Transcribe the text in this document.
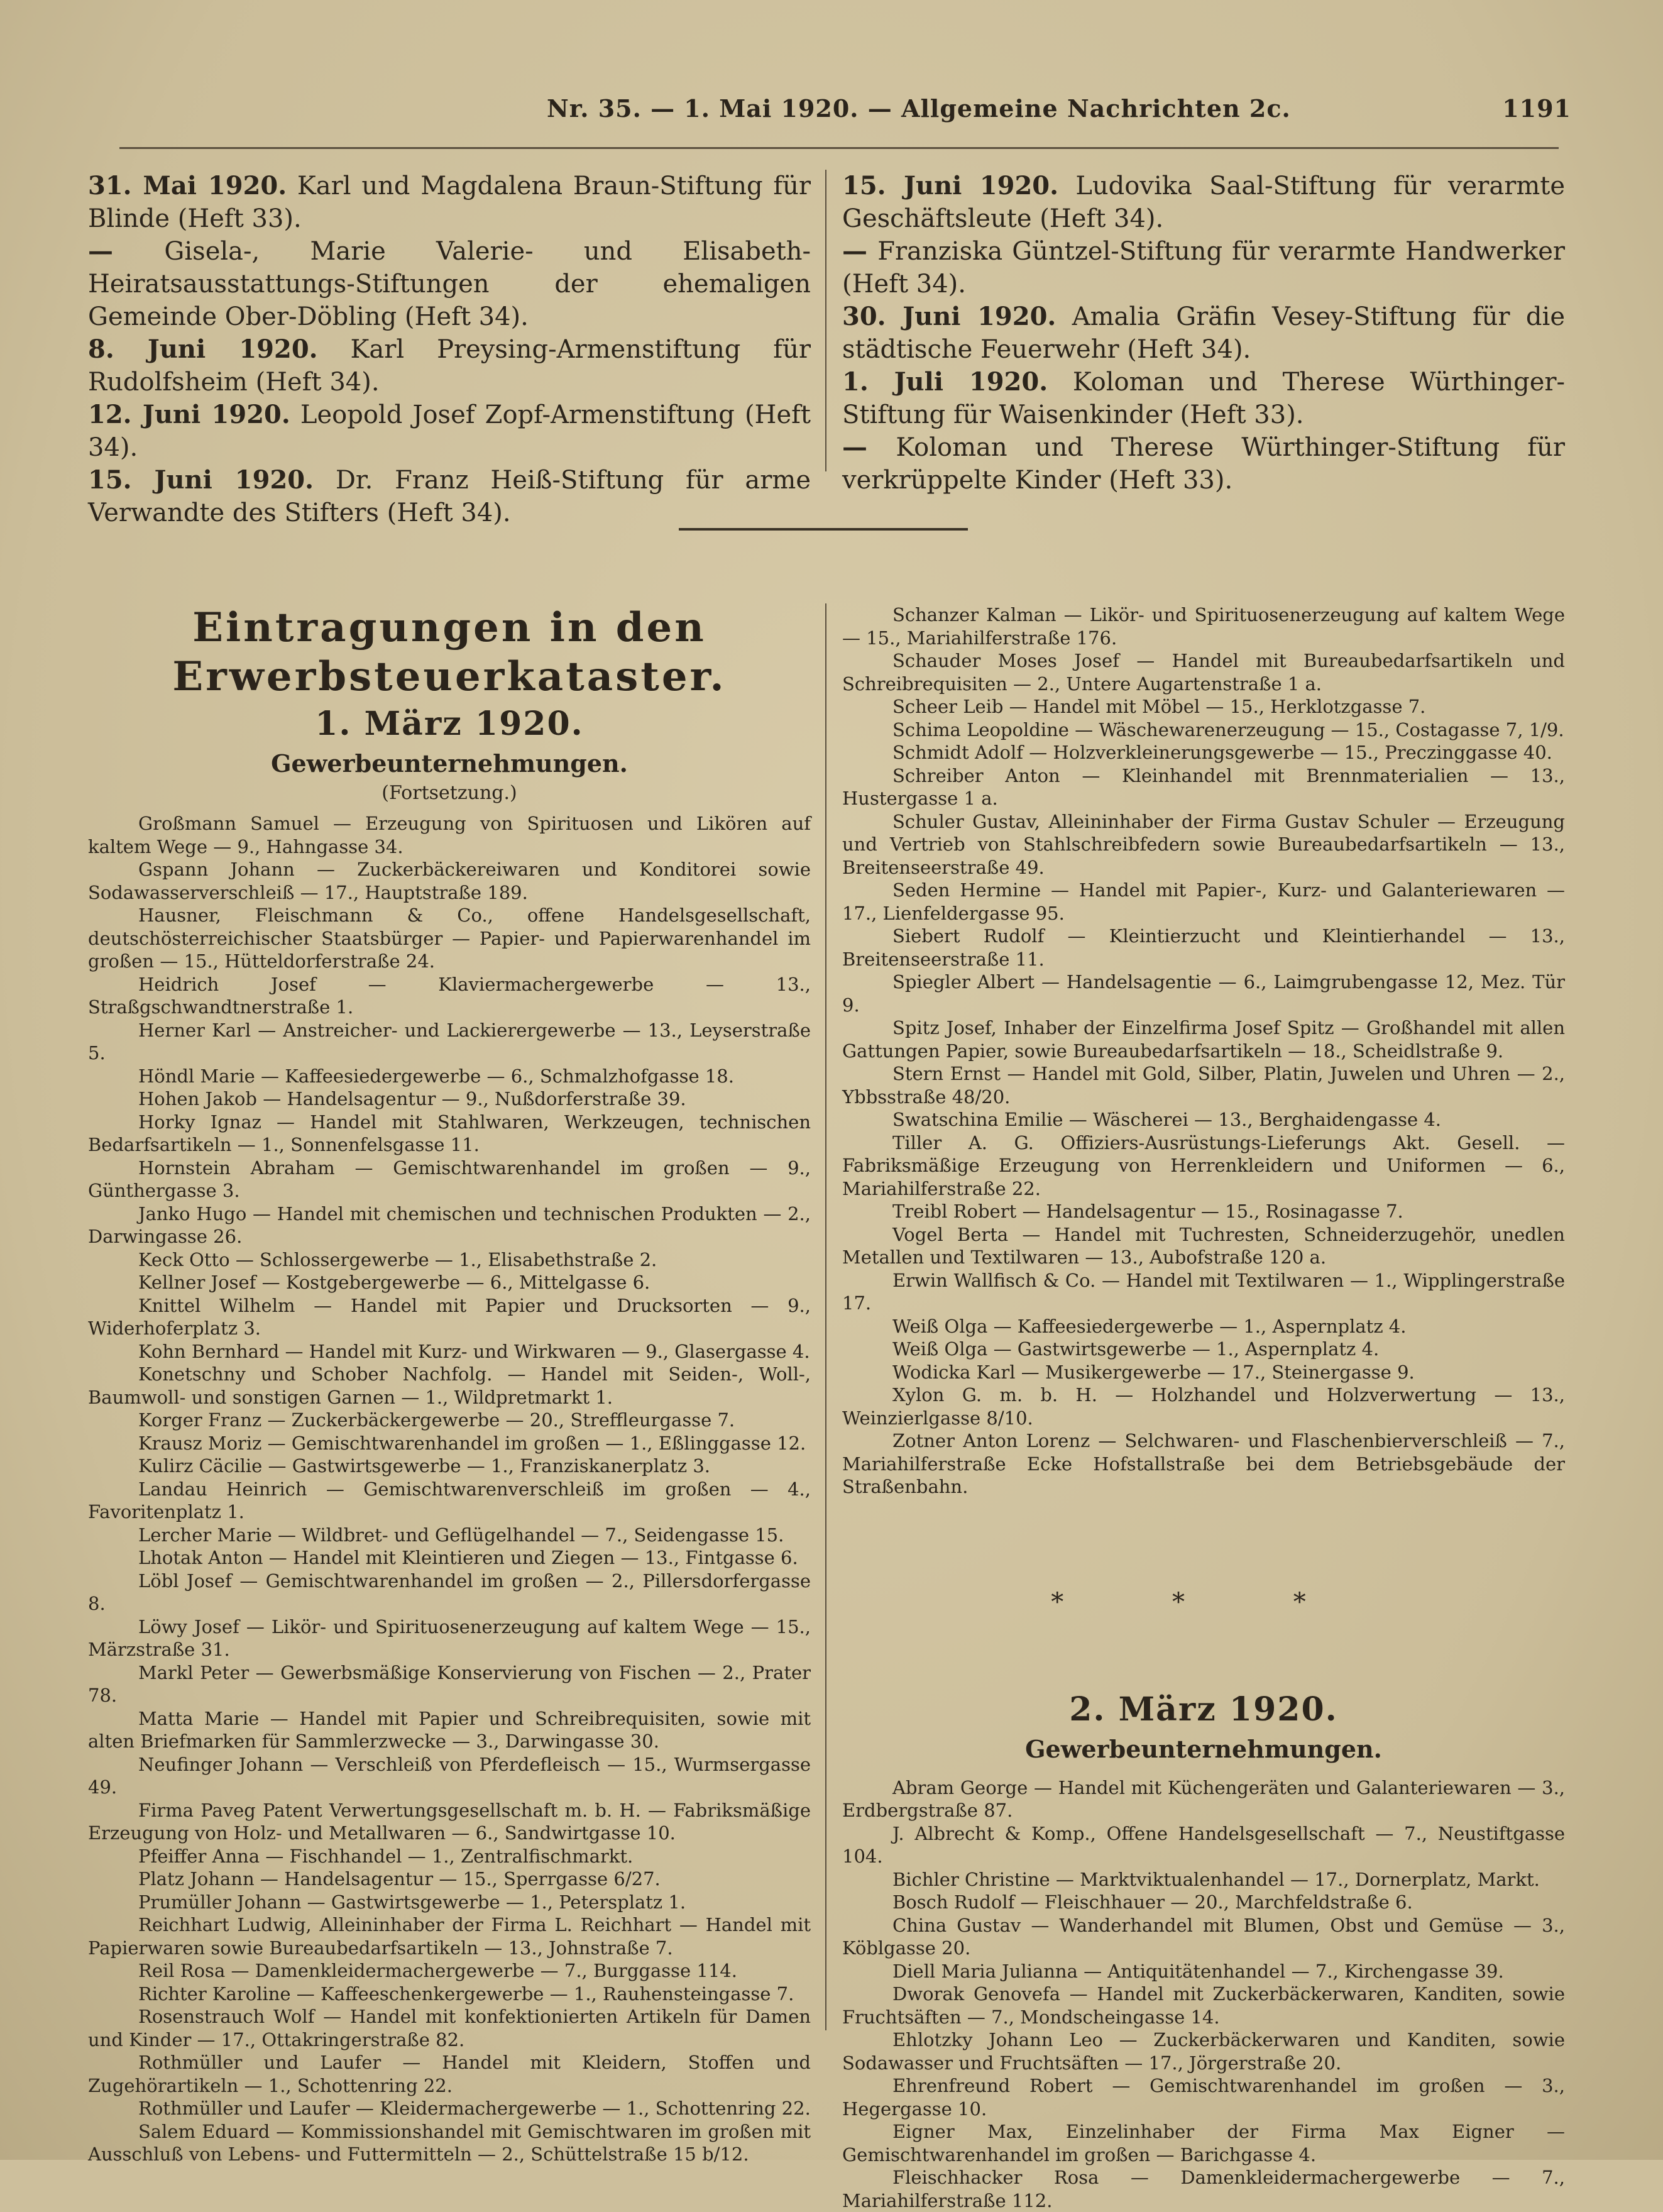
Nr. 35. — 1. Mai 1920. — Allgemeine Nachrichten 2c.	1191

31. Mai 1920. Karl und Magdalena Braun-Stiftung für Blinde (Heft 33).

— Gisela-, Marie Valerie- und Elisabeth-Heiratsausstattungs-Stiftungen der ehemaligen Gemeinde Ober-Döbling (Heft 34).

8. Juni 1920. Karl Preysing-Armenstiftung für Rudolfsheim (Heft 34).

12. Juni 1920. Leopold Josef Zopf-Armenstiftung (Heft 34).

15. Juni 1920. Dr. Franz Heiß-Stiftung für arme Verwandte des Stifters (Heft 34).

15. Juni 1920. Ludovika Saal-Stiftung für verarmte Geschäftsleute (Heft 34).

— Franziska Güntzel-Stiftung für verarmte Handwerker (Heft 34).

30. Juni 1920. Amalia Gräfin Vesey-Stiftung für die städtische Feuerwehr (Heft 34).

1. Juli 1920. Koloman und Therese Würthinger-Stiftung für Waisenkinder (Heft 33).

— Koloman und Therese Würthinger-Stiftung für verkrüppelte Kinder (Heft 33).

Eintragungen in den Erwerbsteuerkataster.
1. März 1920.
Gewerbeunternehmungen.

(Fortsetzung.)

Großmann Samuel — Erzeugung von Spirituosen und Likören auf kaltem Wege — 9., Hahngasse 34.

Gspann Johann — Zuckerbäckereiwaren und Konditorei sowie Sodawasserverschleiß — 17., Hauptstraße 189.

Hausner, Fleischmann & Co., offene Handelsgesellschaft, deutschösterreichischer Staatsbürger — Papier- und Papierwarenhandel im großen — 15., Hütteldorferstraße 24.

Heidrich Josef — Klaviermachergewerbe — 13., Straßgschwandtnerstraße 1.

Herner Karl — Anstreicher- und Lackierergewerbe — 13., Leyserstraße 5.

Höndl Marie — Kaffeesiedergewerbe — 6., Schmalzhofgasse 18.

Hohen Jakob — Handelsagentur — 9., Nußdorferstraße 39.

Horky Ignaz — Handel mit Stahlwaren, Werkzeugen, technischen Bedarfsartikeln — 1., Sonnenfelsgasse 11.

Hornstein Abraham — Gemischtwarenhandel im großen — 9., Günthergasse 3.

Janko Hugo — Handel mit chemischen und technischen Produkten — 2., Darwingasse 26.

Keck Otto — Schlossergewerbe — 1., Elisabethstraße 2.

Kellner Josef — Kostgebergewerbe — 6., Mittelgasse 6.

Knittel Wilhelm — Handel mit Papier und Drucksorten — 9., Widerhoferplatz 3.

Kohn Bernhard — Handel mit Kurz- und Wirkwaren — 9., Glasergasse 4.

Konetschny und Schober Nachfolg. — Handel mit Seiden-, Woll-, Baumwoll- und sonstigen Garnen — 1., Wildpretmarkt 1.

Korger Franz — Zuckerbäckergewerbe — 20., Streffleurgasse 7.

Krausz Moriz — Gemischtwarenhandel im großen — 1., Eßlinggasse 12.

Kulirz Cäcilie — Gastwirtsgewerbe — 1., Franziskanerplatz 3.

Landau Heinrich — Gemischtwarenverschleiß im großen — 4., Favoritenplatz 1.

Lercher Marie — Wildbret- und Geflügelhandel — 7., Seidengasse 15.

Lhotak Anton — Handel mit Kleintieren und Ziegen — 13., Fintgasse 6.

Löbl Josef — Gemischtwarenhandel im großen — 2., Pillersdorfergasse 8.

Löwy Josef — Likör- und Spirituosenerzeugung auf kaltem Wege — 15., Märzstraße 31.

Markl Peter — Gewerbsmäßige Konservierung von Fischen — 2., Prater 78.

Matta Marie — Handel mit Papier und Schreibrequisiten, sowie mit alten Briefmarken für Sammlerzwecke — 3., Darwingasse 30.

Neufinger Johann — Verschleiß von Pferdefleisch — 15., Wurmsergasse 49.

Firma Paveg Patent Verwertungsgesellschaft m. b. H. — Fabriksmäßige Erzeugung von Holz- und Metallwaren — 6., Sandwirtgasse 10.

Pfeiffer Anna — Fischhandel — 1., Zentralfischmarkt.

Platz Johann — Handelsagentur — 15., Sperrgasse 6/27.

Prumüller Johann — Gastwirtsgewerbe — 1., Petersplatz 1.

Reichhart Ludwig, Alleininhaber der Firma L. Reichhart — Handel mit Papierwaren sowie Bureaubedarfsartikeln — 13., Johnstraße 7.

Reil Rosa — Damenkleidermachergewerbe — 7., Burggasse 114.

Richter Karoline — Kaffeeschenkergewerbe — 1., Rauhensteingasse 7.

Rosenstrauch Wolf — Handel mit konfektionierten Artikeln für Damen und Kinder — 17., Ottakringerstraße 82.

Rothmüller und Laufer — Handel mit Kleidern, Stoffen und Zugehörartikeln — 1., Schottenring 22.

Rothmüller und Laufer — Kleidermachergewerbe — 1., Schottenring 22.

Salem Eduard — Kommissionshandel mit Gemischtwaren im großen mit Ausschluß von Lebens- und Futtermitteln — 2., Schüttelstraße 15 b/12.

Schanzer Kalman — Likör- und Spirituosenerzeugung auf kaltem Wege — 15., Mariahilferstraße 176.

Schauder Moses Josef — Handel mit Bureaubedarfsartikeln und Schreibrequisiten — 2., Untere Augartenstraße 1 a.

Scheer Leib — Handel mit Möbel — 15., Herklotzgasse 7.

Schima Leopoldine — Wäschewarenerzeugung — 15., Costagasse 7, 1/9.

Schmidt Adolf — Holzverkleinerungsgewerbe — 15., Preczinggasse 40.

Schreiber Anton — Kleinhandel mit Brennmaterialien — 13., Hustergasse 1 a.

Schuler Gustav, Alleininhaber der Firma Gustav Schuler — Erzeugung und Vertrieb von Stahlschreibfedern sowie Bureaubedarfsartikeln — 13., Breitenseerstraße 49.

Seden Hermine — Handel mit Papier-, Kurz- und Galanteriewaren — 17., Lienfeldergasse 95.

Siebert Rudolf — Kleintierzucht und Kleintierhandel — 13., Breitenseerstraße 11.

Spiegler Albert — Handelsagentie — 6., Laimgrubengasse 12, Mez. Tür 9.

Spitz Josef, Inhaber der Einzelfirma Josef Spitz — Großhandel mit allen Gattungen Papier, sowie Bureaubedarfsartikeln — 18., Scheidlstraße 9.

Stern Ernst — Handel mit Gold, Silber, Platin, Juwelen und Uhren — 2., Ybbsstraße 48/20.

Swatschina Emilie — Wäscherei — 13., Berghaidengasse 4.

Tiller A. G. Offiziers-Ausrüstungs-Lieferungs Akt. Gesell. — Fabriksmäßige Erzeugung von Herrenkleidern und Uniformen — 6., Mariahilferstraße 22.

Treibl Robert — Handelsagentur — 15., Rosinagasse 7.

Vogel Berta — Handel mit Tuchresten, Schneiderzugehör, unedlen Metallen und Textilwaren — 13., Aubofstraße 120 a.

Erwin Wallfisch & Co. — Handel mit Textilwaren — 1., Wipplingerstraße 17.

Weiß Olga — Kaffeesiedergewerbe — 1., Aspernplatz 4.

Weiß Olga — Gastwirtsgewerbe — 1., Aspernplatz 4.

Wodicka Karl — Musikergewerbe — 17., Steinergasse 9.

Xylon G. m. b. H. — Holzhandel und Holzverwertung — 13., Weinzierlgasse 8/10.

Zotner Anton Lorenz — Selchwaren- und Flaschenbierverschleiß — 7., Mariahilferstraße Ecke Hofstallstraße bei dem Betriebsgebäude der Straßenbahn.

* * *
2. März 1920.
Gewerbeunternehmungen.

Abram George — Handel mit Küchengeräten und Galanteriewaren — 3., Erdbergstraße 87.

J. Albrecht & Komp., Offene Handelsgesellschaft — 7., Neustiftgasse 104.

Bichler Christine — Marktviktualenhandel — 17., Dornerplatz, Markt.

Bosch Rudolf — Fleischhauer — 20., Marchfeldstraße 6.

China Gustav — Wanderhandel mit Blumen, Obst und Gemüse — 3., Köblgasse 20.

Diell Maria Julianna — Antiquitätenhandel — 7., Kirchengasse 39.

Dworak Genovefa — Handel mit Zuckerbäckerwaren, Kanditen, sowie Fruchtsäften — 7., Mondscheingasse 14.

Ehlotzky Johann Leo — Zuckerbäckerwaren und Kanditen, sowie Sodawasser und Fruchtsäften — 17., Jörgerstraße 20.

Ehrenfreund Robert — Gemischtwarenhandel im großen — 3., Hegergasse 10.

Eigner Max, Einzelinhaber der Firma Max Eigner — Gemischtwarenhandel im großen — Barichgasse 4.

Fleischhacker Rosa — Damenkleidermachergewerbe — 7., Mariahilferstraße 112.
